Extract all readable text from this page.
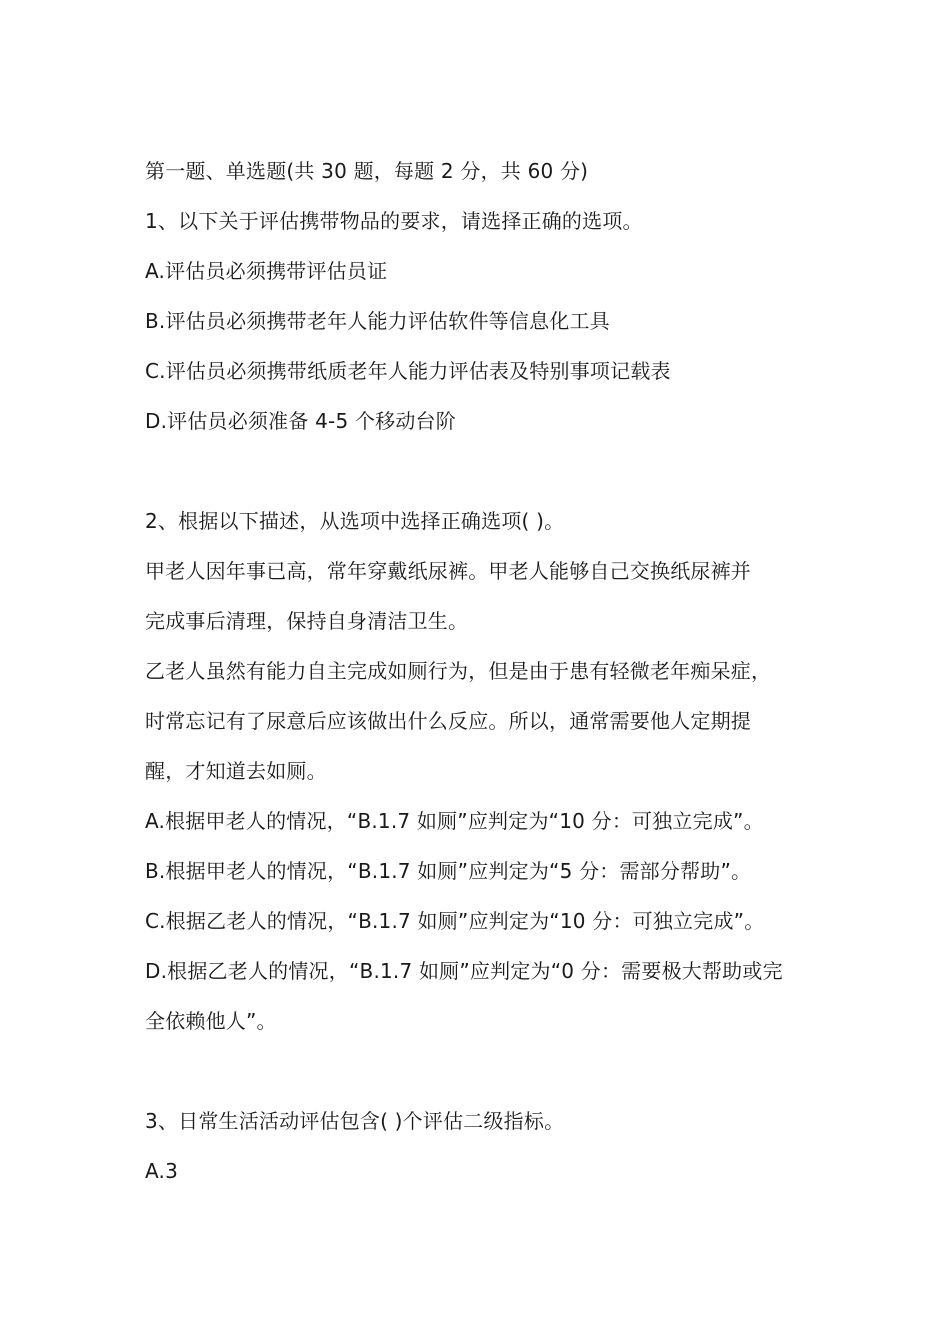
第一题、单选题(共 30 题，每题 2 分，共 60 分)
1、以下关于评估携带物品的要求，请选择正确的选项。
A.评估员必须携带评估员证
B.评估员必须携带老年人能力评估软件等信息化工具
C.评估员必须携带纸质老年人能力评估表及特别事项记载表
D.评估员必须准备 4-5 个移动台阶
2、根据以下描述，从选项中选择正确选项( )。
甲老人因年事已高，常年穿戴纸尿裤。甲老人能够自己交换纸尿裤并
完成事后清理，保持自身清洁卫生。
乙老人虽然有能力自主完成如厕行为，但是由于患有轻微老年痴呆症，
时常忘记有了尿意后应该做出什么反应。所以，通常需要他人定期提
醒，才知道去如厕。
A.根据甲老人的情况，“B.1.7 如厕”应判定为“10 分：可独立完成”。
B.根据甲老人的情况，“B.1.7 如厕”应判定为“5 分：需部分帮助”。
C.根据乙老人的情况，“B.1.7 如厕”应判定为“10 分：可独立完成”。
D.根据乙老人的情况，“B.1.7 如厕”应判定为“0 分：需要极大帮助或完
全依赖他人”。
3、日常生活活动评估包含( )个评估二级指标。
A.3
